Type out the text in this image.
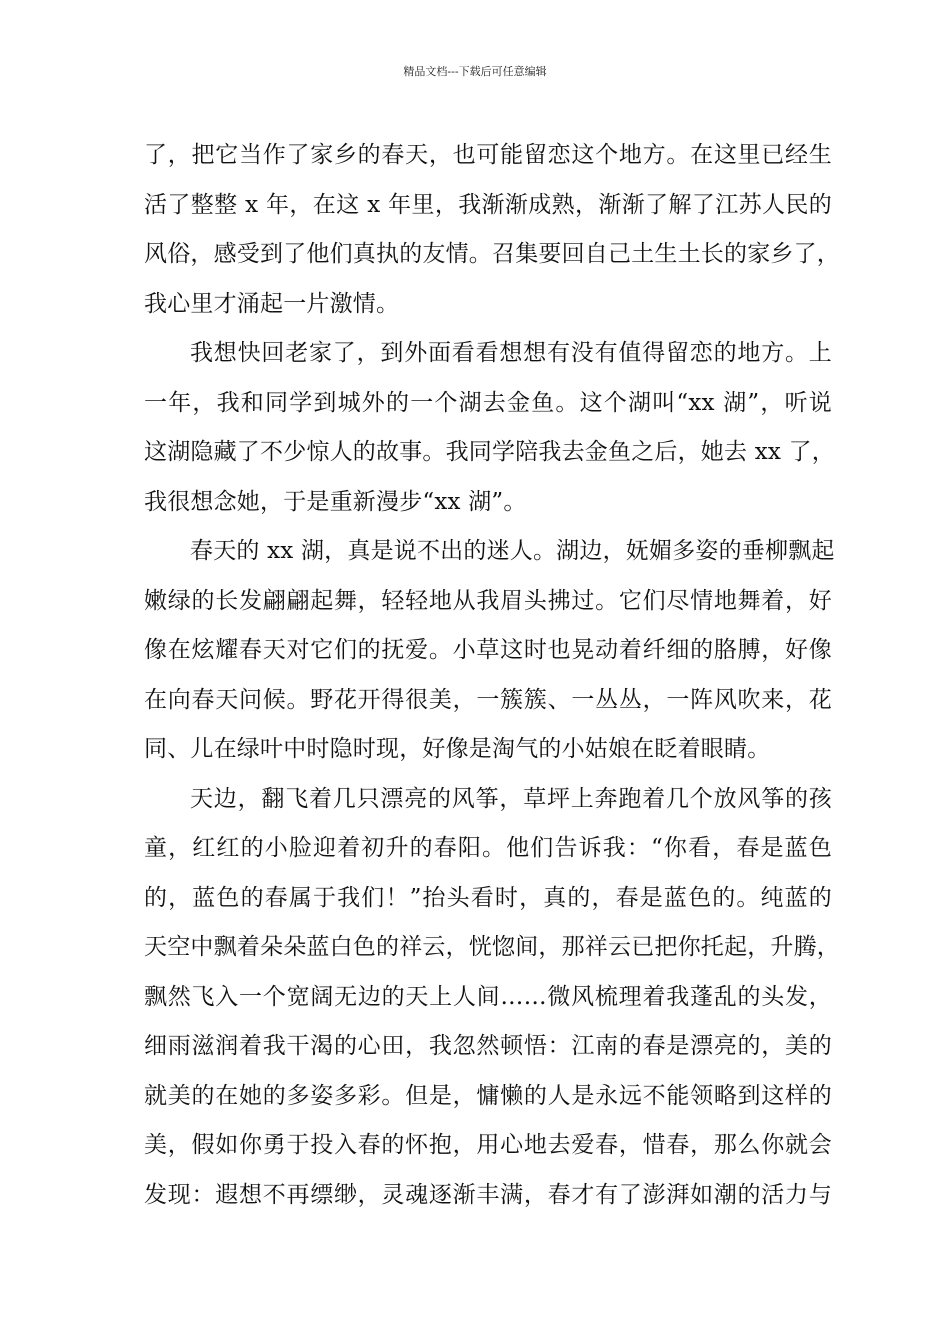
精品文档---下载后可任意编辑
了，把它当作了家乡的春天，也可能留恋这个地方。在这里已经生
活了整整 x 年，在这 x 年里，我渐渐成熟，渐渐了解了江苏人民的
风俗，感受到了他们真执的友情。召集要回自己土生土长的家乡了，
我心里才涌起一片激情。
我想快回老家了，到外面看看想想有没有值得留恋的地方。上
一年，我和同学到城外的一个湖去金鱼。这个湖叫“xx 湖”，听说
这湖隐藏了不少惊人的故事。我同学陪我去金鱼之后，她去 xx 了，
我很想念她，于是重新漫步“xx 湖”。
春天的 xx 湖，真是说不出的迷人。湖边，妩媚多姿的垂柳飘起
嫩绿的长发翩翩起舞，轻轻地从我眉头拂过。它们尽情地舞着，好
像在炫耀春天对它们的抚爱。小草这时也晃动着纤细的胳膊，好像
在向春天问候。野花开得很美，一簇簇、一丛丛，一阵风吹来，花
同、儿在绿叶中时隐时现，好像是淘气的小姑娘在眨着眼睛。
天边，翻飞着几只漂亮的风筝，草坪上奔跑着几个放风筝的孩
童，红红的小脸迎着初升的春阳。他们告诉我：“你看，春是蓝色
的，蓝色的春属于我们！”抬头看时，真的，春是蓝色的。纯蓝的
天空中飘着朵朵蓝白色的祥云，恍惚间，那祥云已把你托起，升腾，
飘然飞入一个宽阔无边的天上人间……微风梳理着我蓬乱的头发，
细雨滋润着我干渴的心田，我忽然顿悟：江南的春是漂亮的，美的
就美的在她的多姿多彩。但是，慵懒的人是永远不能领略到这样的
美，假如你勇于投入春的怀抱，用心地去爱春，惜春，那么你就会
发现：遐想不再缥缈，灵魂逐渐丰满，春才有了澎湃如潮的活力与
